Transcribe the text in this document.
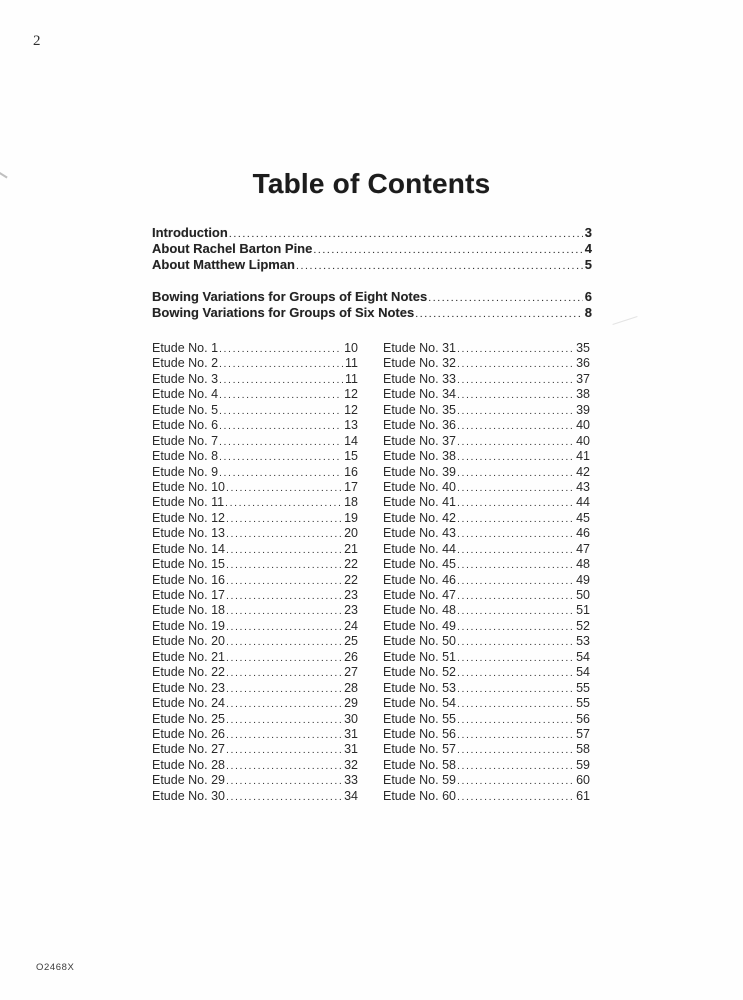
2
Table of Contents
Introduction .....	3
About Rachel Barton Pine .....	4
About Matthew Lipman .....	5
Bowing Variations for Groups of Eight Notes .....	6
Bowing Variations for Groups of Six Notes .....	8
Etude No. 1 .....	10
Etude No. 2 .....	11
Etude No. 3 .....	11
Etude No. 4 .....	12
Etude No. 5 .....	12
Etude No. 6 .....	13
Etude No. 7 .....	14
Etude No. 8 .....	15
Etude No. 9 .....	16
Etude No. 10 .....	17
Etude No. 11 .....	18
Etude No. 12 .....	19
Etude No. 13 .....	20
Etude No. 14 .....	21
Etude No. 15 .....	22
Etude No. 16 .....	22
Etude No. 17 .....	23
Etude No. 18 .....	23
Etude No. 19 .....	24
Etude No. 20 .....	25
Etude No. 21 .....	26
Etude No. 22 .....	27
Etude No. 23 .....	28
Etude No. 24 .....	29
Etude No. 25 .....	30
Etude No. 26 .....	31
Etude No. 27 .....	31
Etude No. 28 .....	32
Etude No. 29 .....	33
Etude No. 30 .....	34
Etude No. 31 .....	35
Etude No. 32 .....	36
Etude No. 33 .....	37
Etude No. 34 .....	38
Etude No. 35 .....	39
Etude No. 36 .....	40
Etude No. 37 .....	40
Etude No. 38 .....	41
Etude No. 39 .....	42
Etude No. 40 .....	43
Etude No. 41 .....	44
Etude No. 42 .....	45
Etude No. 43 .....	46
Etude No. 44 .....	47
Etude No. 45 .....	48
Etude No. 46 .....	49
Etude No. 47 .....	50
Etude No. 48 .....	51
Etude No. 49 .....	52
Etude No. 50 .....	53
Etude No. 51 .....	54
Etude No. 52 .....	54
Etude No. 53 .....	55
Etude No. 54 .....	55
Etude No. 55 .....	56
Etude No. 56 .....	57
Etude No. 57 .....	58
Etude No. 58 .....	59
Etude No. 59 .....	60
Etude No. 60 .....	61
O2468X
